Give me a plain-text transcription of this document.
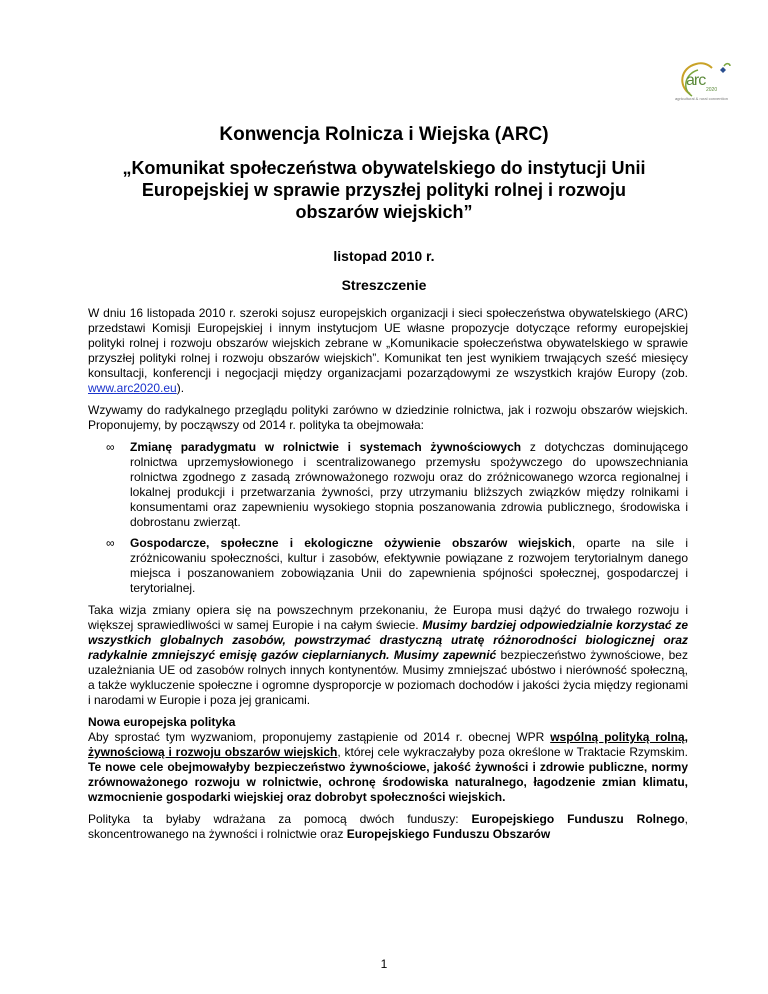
arc
2020
agricultural & rural convention
Konwencja Rolnicza i Wiejska (ARC)
„Komunikat społeczeństwa obywatelskiego do instytucji Unii Europejskiej w sprawie przyszłej polityki rolnej i rozwoju obszarów wiejskich”
listopad 2010 r.
Streszczenie

W dniu 16 listopada 2010 r. szeroki sojusz europejskich organizacji i sieci społeczeństwa obywatelskiego (ARC) przedstawi Komisji Europejskiej i innym instytucjom UE własne propozycje dotyczące reformy europejskiej polityki rolnej i rozwoju obszarów wiejskich zebrane w „Komunikacie społeczeństwa obywatelskiego w sprawie przyszłej polityki rolnej i rozwoju obszarów wiejskich”. Komunikat ten jest wynikiem trwających sześć miesięcy konsultacji, konferencji i negocjacji między organizacjami pozarządowymi ze wszystkich krajów Europy (zob. www.arc2020.eu).

Wzywamy do radykalnego przeglądu polityki zarówno w dziedzinie rolnictwa, jak i rozwoju obszarów wiejskich. Proponujemy, by począwszy od 2014 r. polityka ta obejmowała:

∞ Zmianę paradygmatu w rolnictwie i systemach żywnościowych z dotychczas dominującego rolnictwa uprzemysłowionego i scentralizowanego przemysłu spożywczego do upowszechniania rolnictwa zgodnego z zasadą zrównoważonego rozwoju oraz do zróżnicowanego wzorca regionalnej i lokalnej produkcji i przetwarzania żywności, przy utrzymaniu bliższych związków między rolnikami i konsumentami oraz zapewnieniu wysokiego stopnia poszanowania zdrowia publicznego, środowiska i dobrostanu zwierząt.
∞ Gospodarcze, społeczne i ekologiczne ożywienie obszarów wiejskich, oparte na sile i zróżnicowaniu społeczności, kultur i zasobów, efektywnie powiązane z rozwojem terytorialnym danego miejsca i poszanowaniem zobowiązania Unii do zapewnienia spójności społecznej, gospodarczej i terytorialnej.

Taka wizja zmiany opiera się na powszechnym przekonaniu, że Europa musi dążyć do trwałego rozwoju i większej sprawiedliwości w samej Europie i na całym świecie. Musimy bardziej odpowiedzialnie korzystać ze wszystkich globalnych zasobów, powstrzymać drastyczną utratę różnorodności biologicznej oraz radykalnie zmniejszyć emisję gazów cieplarnianych. Musimy zapewnić bezpieczeństwo żywnościowe, bez uzależniania UE od zasobów rolnych innych kontynentów. Musimy zmniejszać ubóstwo i nierówność społeczną, a także wykluczenie społeczne i ogromne dysproporcje w poziomach dochodów i jakości życia między regionami i narodami w Europie i poza jej granicami.

Nowa europejska polityka
Aby sprostać tym wyzwaniom, proponujemy zastąpienie od 2014 r. obecnej WPR wspólną polityką rolną, żywnościową i rozwoju obszarów wiejskich, której cele wykraczałyby poza określone w Traktacie Rzymskim. Te nowe cele obejmowałyby bezpieczeństwo żywnościowe, jakość żywności i zdrowie publiczne, normy zrównoważonego rozwoju w rolnictwie, ochronę środowiska naturalnego, łagodzenie zmian klimatu, wzmocnienie gospodarki wiejskiej oraz dobrobyt społeczności wiejskich.

Polityka ta byłaby wdrażana za pomocą dwóch funduszy: Europejskiego Funduszu Rolnego, skoncentrowanego na żywności i rolnictwie oraz Europejskiego Funduszu Obszarów

1
